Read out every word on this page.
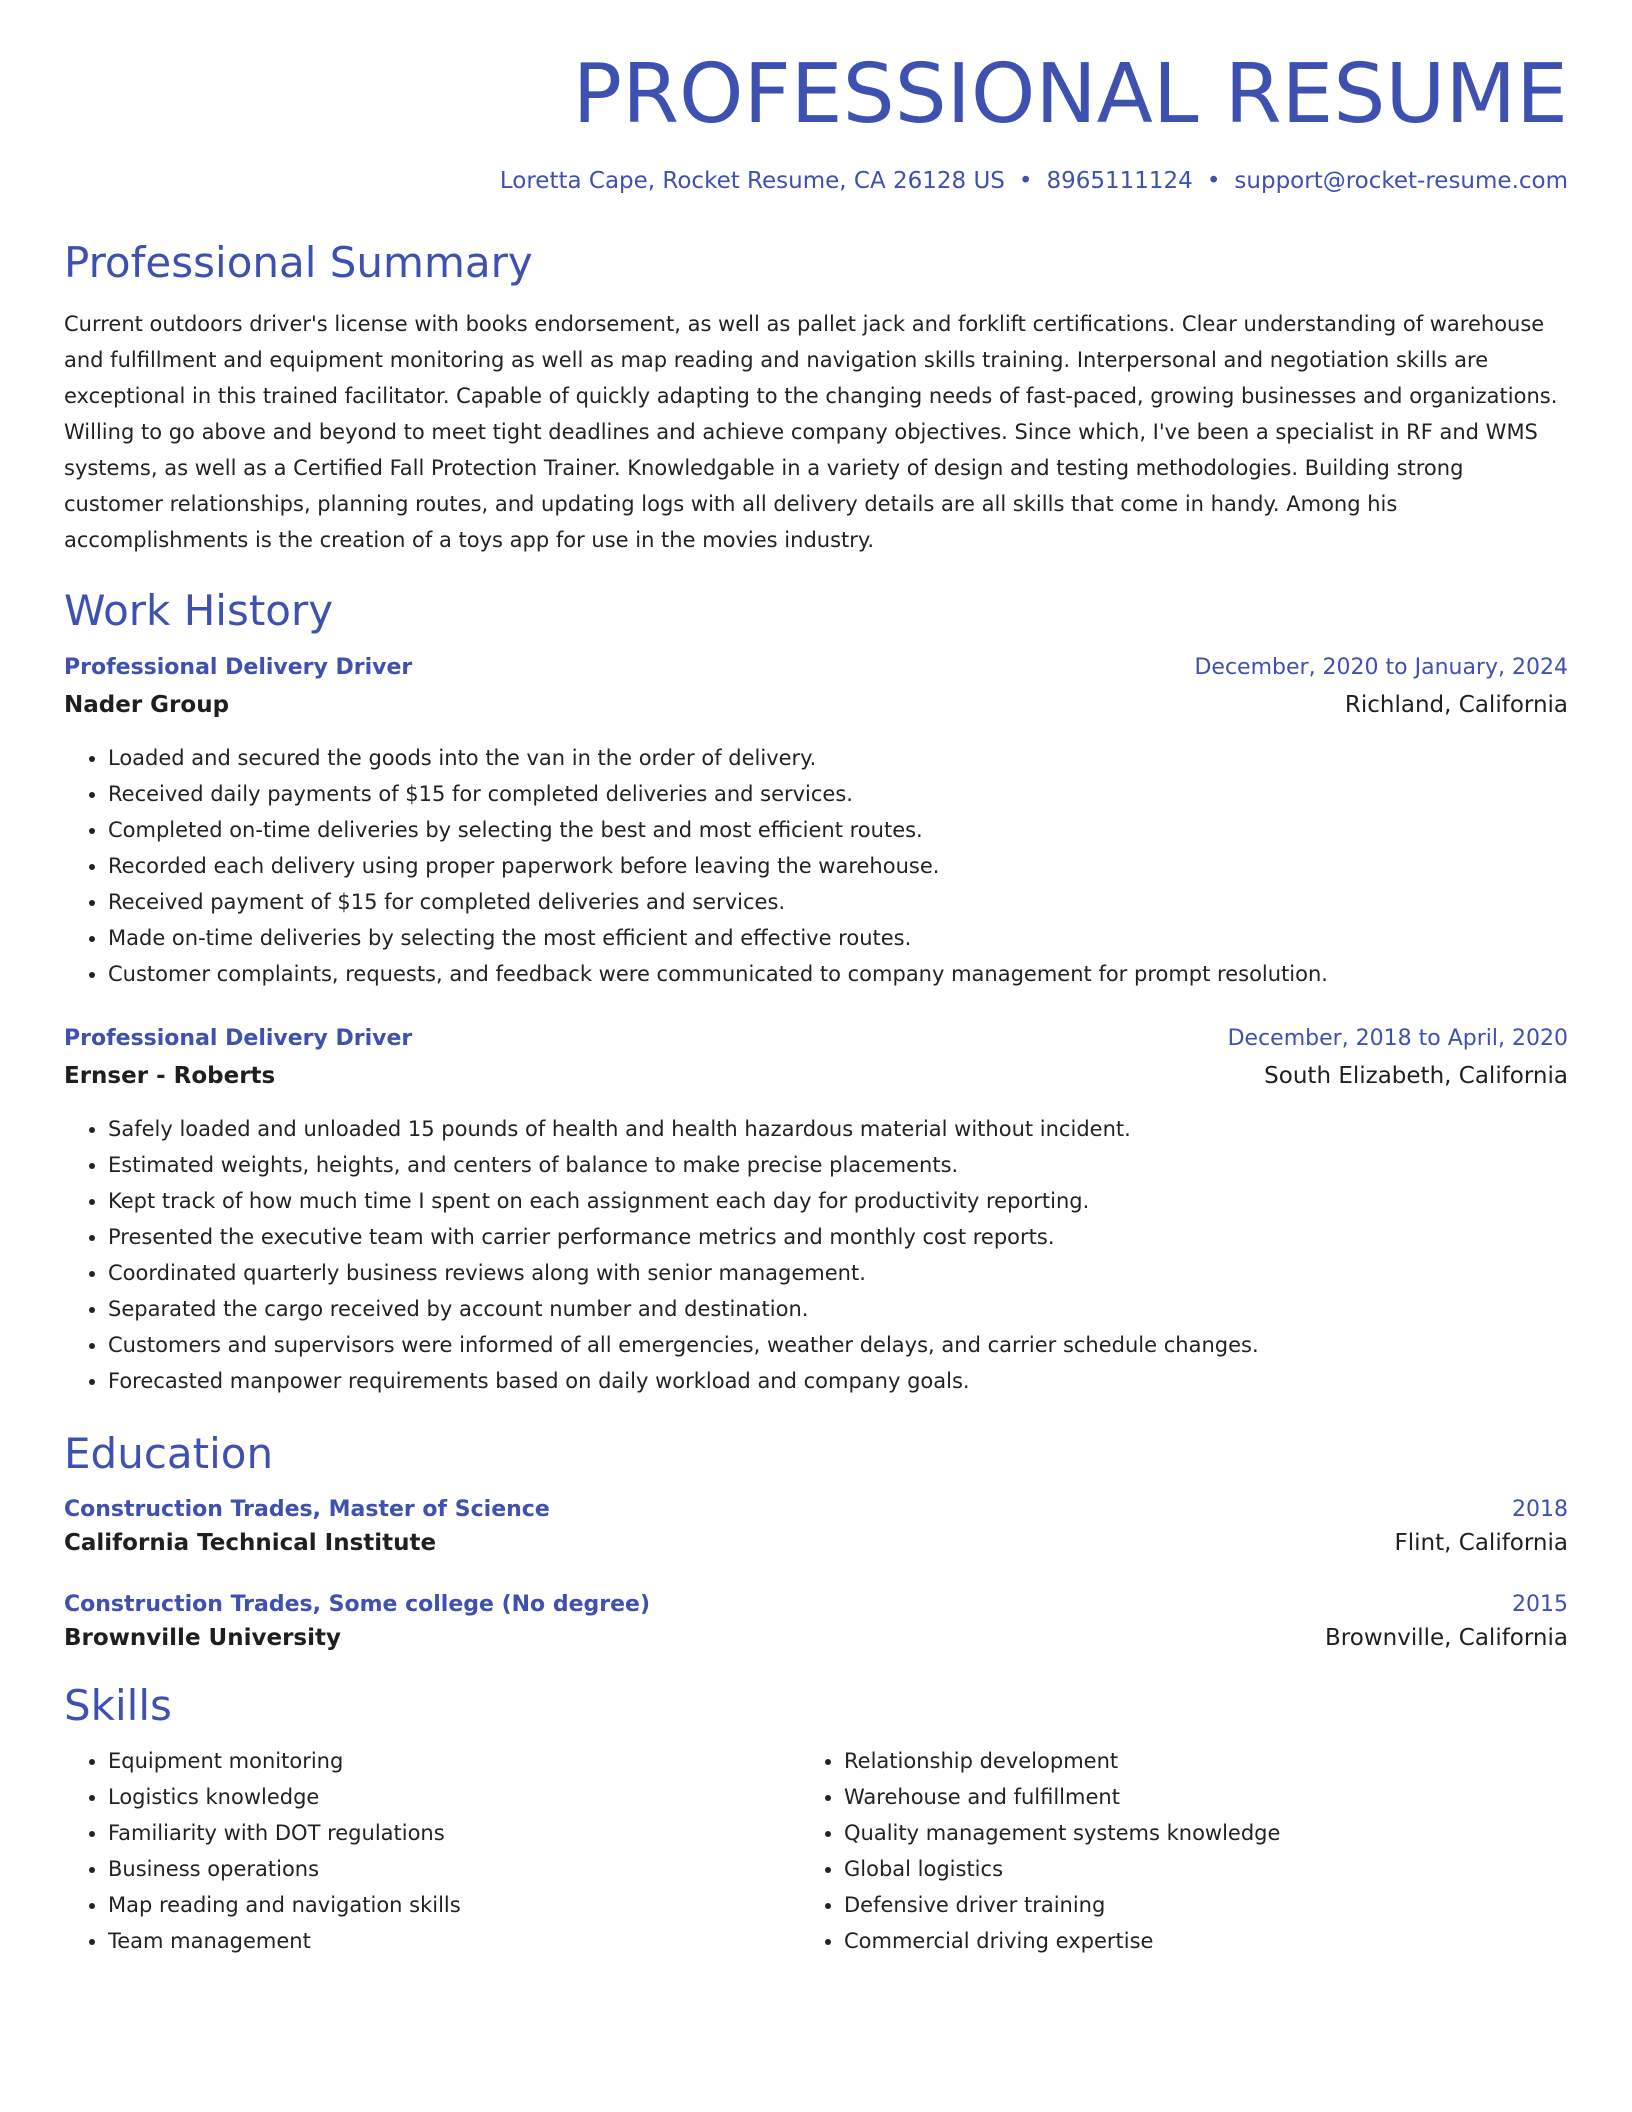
PROFESSIONAL RESUME
Loretta Cape, Rocket Resume, CA 26128 US • 8965111124 • support@rocket-resume.com
Professional Summary
Current outdoors driver's license with books endorsement, as well as pallet jack and forklift certifications. Clear understanding of warehouse and fulfillment and equipment monitoring as well as map reading and navigation skills training. Interpersonal and negotiation skills are exceptional in this trained facilitator. Capable of quickly adapting to the changing needs of fast-paced, growing businesses and organizations. Willing to go above and beyond to meet tight deadlines and achieve company objectives. Since which, I've been a specialist in RF and WMS systems, as well as a Certified Fall Protection Trainer. Knowledgable in a variety of design and testing methodologies. Building strong customer relationships, planning routes, and updating logs with all delivery details are all skills that come in handy. Among his accomplishments is the creation of a toys app for use in the movies industry.
Work History
Professional Delivery Driver	December, 2020 to January, 2024
Nader Group	Richland, California
• Loaded and secured the goods into the van in the order of delivery.
• Received daily payments of $15 for completed deliveries and services.
• Completed on-time deliveries by selecting the best and most efficient routes.
• Recorded each delivery using proper paperwork before leaving the warehouse.
• Received payment of $15 for completed deliveries and services.
• Made on-time deliveries by selecting the most efficient and effective routes.
• Customer complaints, requests, and feedback were communicated to company management for prompt resolution.
Professional Delivery Driver	December, 2018 to April, 2020
Ernser - Roberts	South Elizabeth, California
• Safely loaded and unloaded 15 pounds of health and health hazardous material without incident.
• Estimated weights, heights, and centers of balance to make precise placements.
• Kept track of how much time I spent on each assignment each day for productivity reporting.
• Presented the executive team with carrier performance metrics and monthly cost reports.
• Coordinated quarterly business reviews along with senior management.
• Separated the cargo received by account number and destination.
• Customers and supervisors were informed of all emergencies, weather delays, and carrier schedule changes.
• Forecasted manpower requirements based on daily workload and company goals.
Education
Construction Trades, Master of Science	2018
California Technical Institute	Flint, California
Construction Trades, Some college (No degree)	2015
Brownville University	Brownville, California
Skills
• Equipment monitoring
• Logistics knowledge
• Familiarity with DOT regulations
• Business operations
• Map reading and navigation skills
• Team management
• Relationship development
• Warehouse and fulfillment
• Quality management systems knowledge
• Global logistics
• Defensive driver training
• Commercial driving expertise
